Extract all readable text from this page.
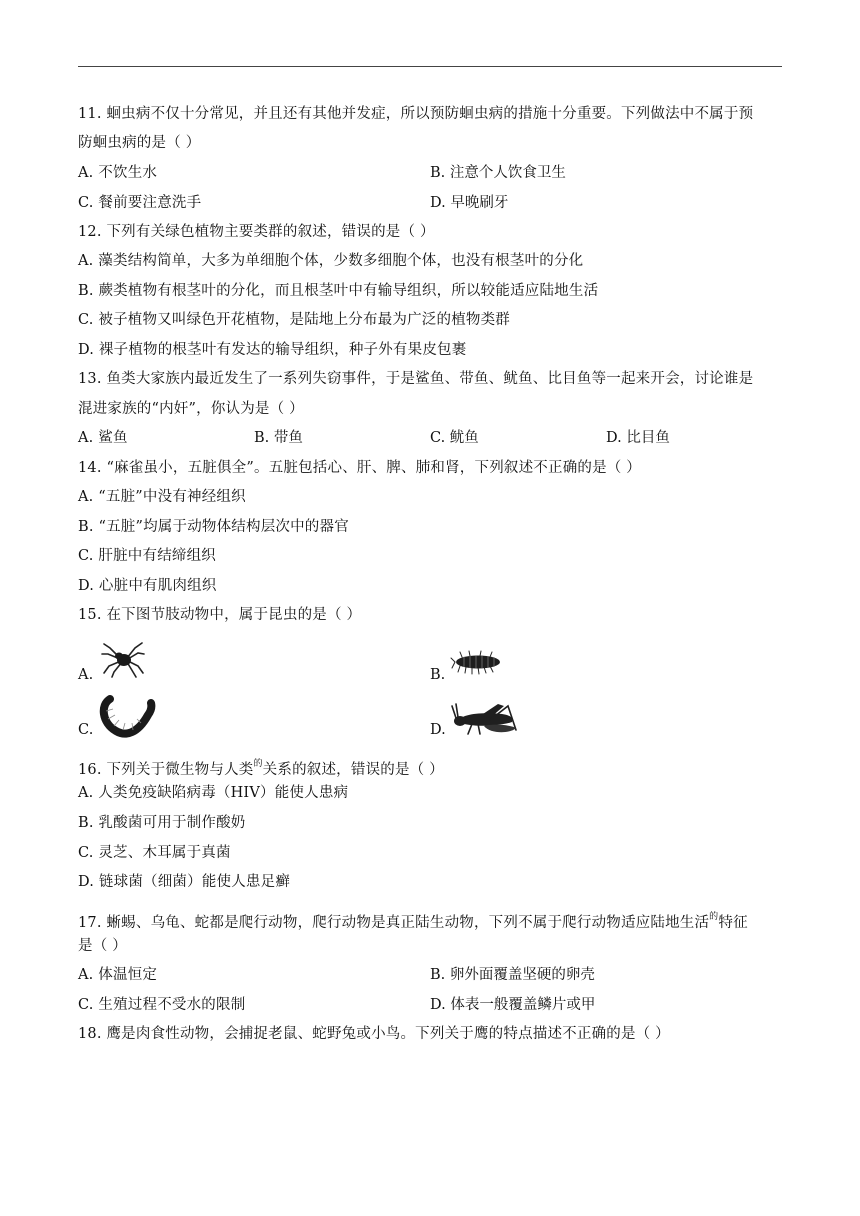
11. 蛔虫病不仅十分常见，并且还有其他并发症，所以预防蛔虫病的措施十分重要。下列做法中不属于预
防蛔虫病的是（ ）
A. 不饮生水	B. 注意个人饮食卫生
C. 餐前要注意洗手	D. 早晚刷牙
12. 下列有关绿色植物主要类群的叙述，错误的是（ ）
A. 藻类结构简单，大多为单细胞个体，少数多细胞个体，也没有根茎叶的分化
B. 蕨类植物有根茎叶的分化，而且根茎叶中有输导组织，所以较能适应陆地生活
C. 被子植物又叫绿色开花植物，是陆地上分布最为广泛的植物类群
D. 裸子植物的根茎叶有发达的输导组织，种子外有果皮包裹
13. 鱼类大家族内最近发生了一系列失窃事件，于是鲨鱼、带鱼、鱿鱼、比目鱼等一起来开会，讨论谁是
混进家族的“内奸”，你认为是（ ）
A. 鲨鱼	B. 带鱼	C. 鱿鱼	D. 比目鱼
14. “麻雀虽小，五脏俱全”。五脏包括心、肝、脾、肺和肾，下列叙述不正确的是（ ）
A. “五脏”中没有神经组织
B. “五脏”均属于动物体结构层次中的器官
C. 肝脏中有结缔组织
D. 心脏中有肌肉组织
15. 在下图节肢动物中，属于昆虫的是（ ）
A.	B.
C.	D.
16. 下列关于微生物与人类$^的$关系的叙述，错误的是（ ）
A. 人类免疫缺陷病毒（HIV）能使人患病
B. 乳酸菌可用于制作酸奶
C. 灵芝、木耳属于真菌
D. 链球菌（细菌）能使人患足癣
17. 蜥蜴、乌龟、蛇都是爬行动物，爬行动物是真正陆生动物，下列不属于爬行动物适应陆地生活$^的$特征
是（ ）
A. 体温恒定	B. 卵外面覆盖坚硬的卵壳
C. 生殖过程不受水的限制	D. 体表一般覆盖鳞片或甲
18. 鹰是肉食性动物，会捕捉老鼠、蛇野兔或小鸟。下列关于鹰的特点描述不正确的是（ ）
